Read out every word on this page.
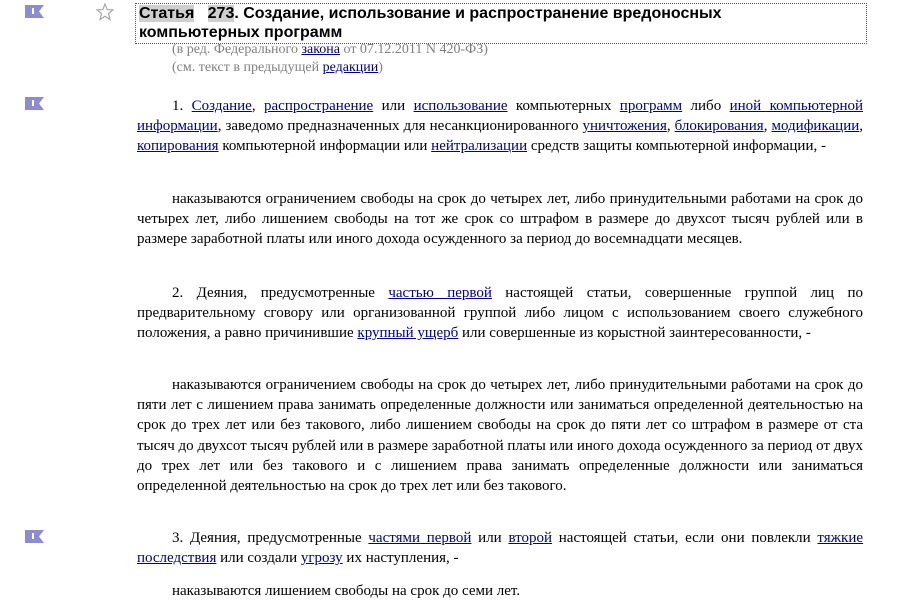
Статья 273. Создание, использование и распространение вредоносных
компьютерных программ
(в ред. Федерального закона от 07.12.2011 N 420-ФЗ)
(см. текст в предыдущей редакции)

1. Создание, распространение или использование компьютерных программ либо иной компьютерной информации, заведомо предназначенных для несанкционированного уничтожения, блокирования, модификации, копирования компьютерной информации или нейтрализации средств защиты компьютерной информации, -

наказываются ограничением свободы на срок до четырех лет, либо принудительными работами на срок до четырех лет, либо лишением свободы на тот же срок со штрафом в размере до двухсот тысяч рублей или в размере заработной платы или иного дохода осужденного за период до восемнадцати месяцев.

2. Деяния, предусмотренные частью первой настоящей статьи, совершенные группой лиц по предварительному сговору или организованной группой либо лицом с использованием своего служебного положения, а равно причинившие крупный ущерб или совершенные из корыстной заинтересованности, -

наказываются ограничением свободы на срок до четырех лет, либо принудительными работами на срок до пяти лет с лишением права занимать определенные должности или заниматься определенной деятельностью на срок до трех лет или без такового, либо лишением свободы на срок до пяти лет со штрафом в размере от ста тысяч до двухсот тысяч рублей или в размере заработной платы или иного дохода осужденного за период от двух до трех лет или без такового и с лишением права занимать определенные должности или заниматься определенной деятельностью на срок до трех лет или без такового.

3. Деяния, предусмотренные частями первой или второй настоящей статьи, если они повлекли тяжкие последствия или создали угрозу их наступления, -

наказываются лишением свободы на срок до семи лет.
